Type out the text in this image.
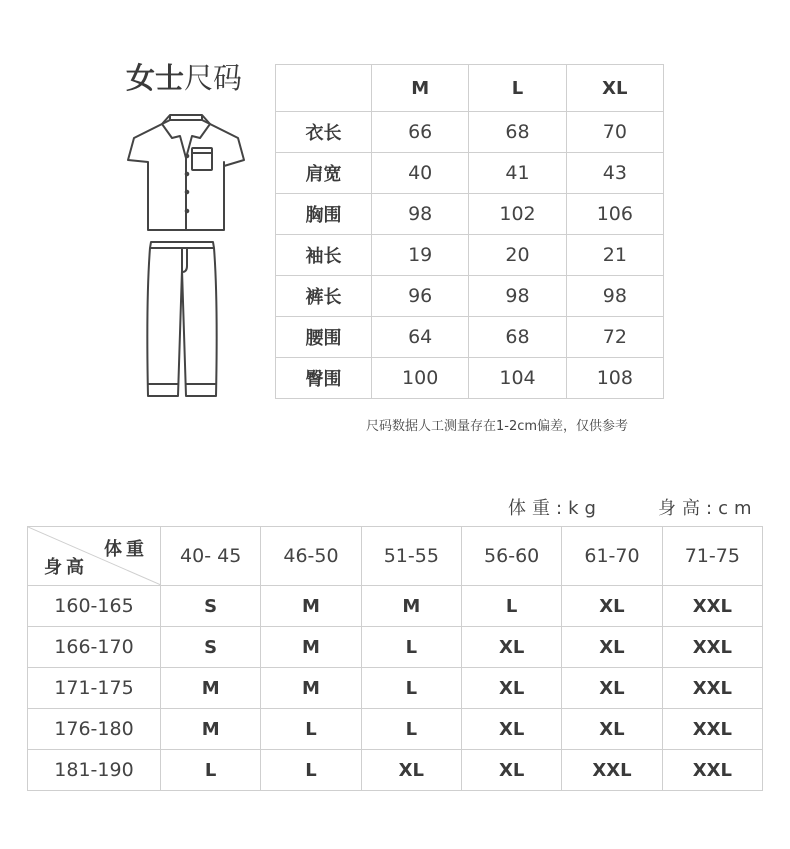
女士尺码
		M	L	XL
衣长	66	68	70
肩宽	40	41	43
胸围	98	102	106
袖长	19	20	21
裤长	96	98	98
腰围	64	68	72
臀围	100	104	108
尺码数据人工测量存在1-2cm偏差，仅供参考
体重:kg	身高:cm
体重
身高	40- 45	46-50	51-55	56-60	61-70	71-75
160-165	S	M	M	L	XL	XXL
166-170	S	M	L	XL	XL	XXL
171-175	M	M	L	XL	XL	XXL
176-180	M	L	L	XL	XL	XXL
181-190	L	L	XL	XL	XXL	XXL
